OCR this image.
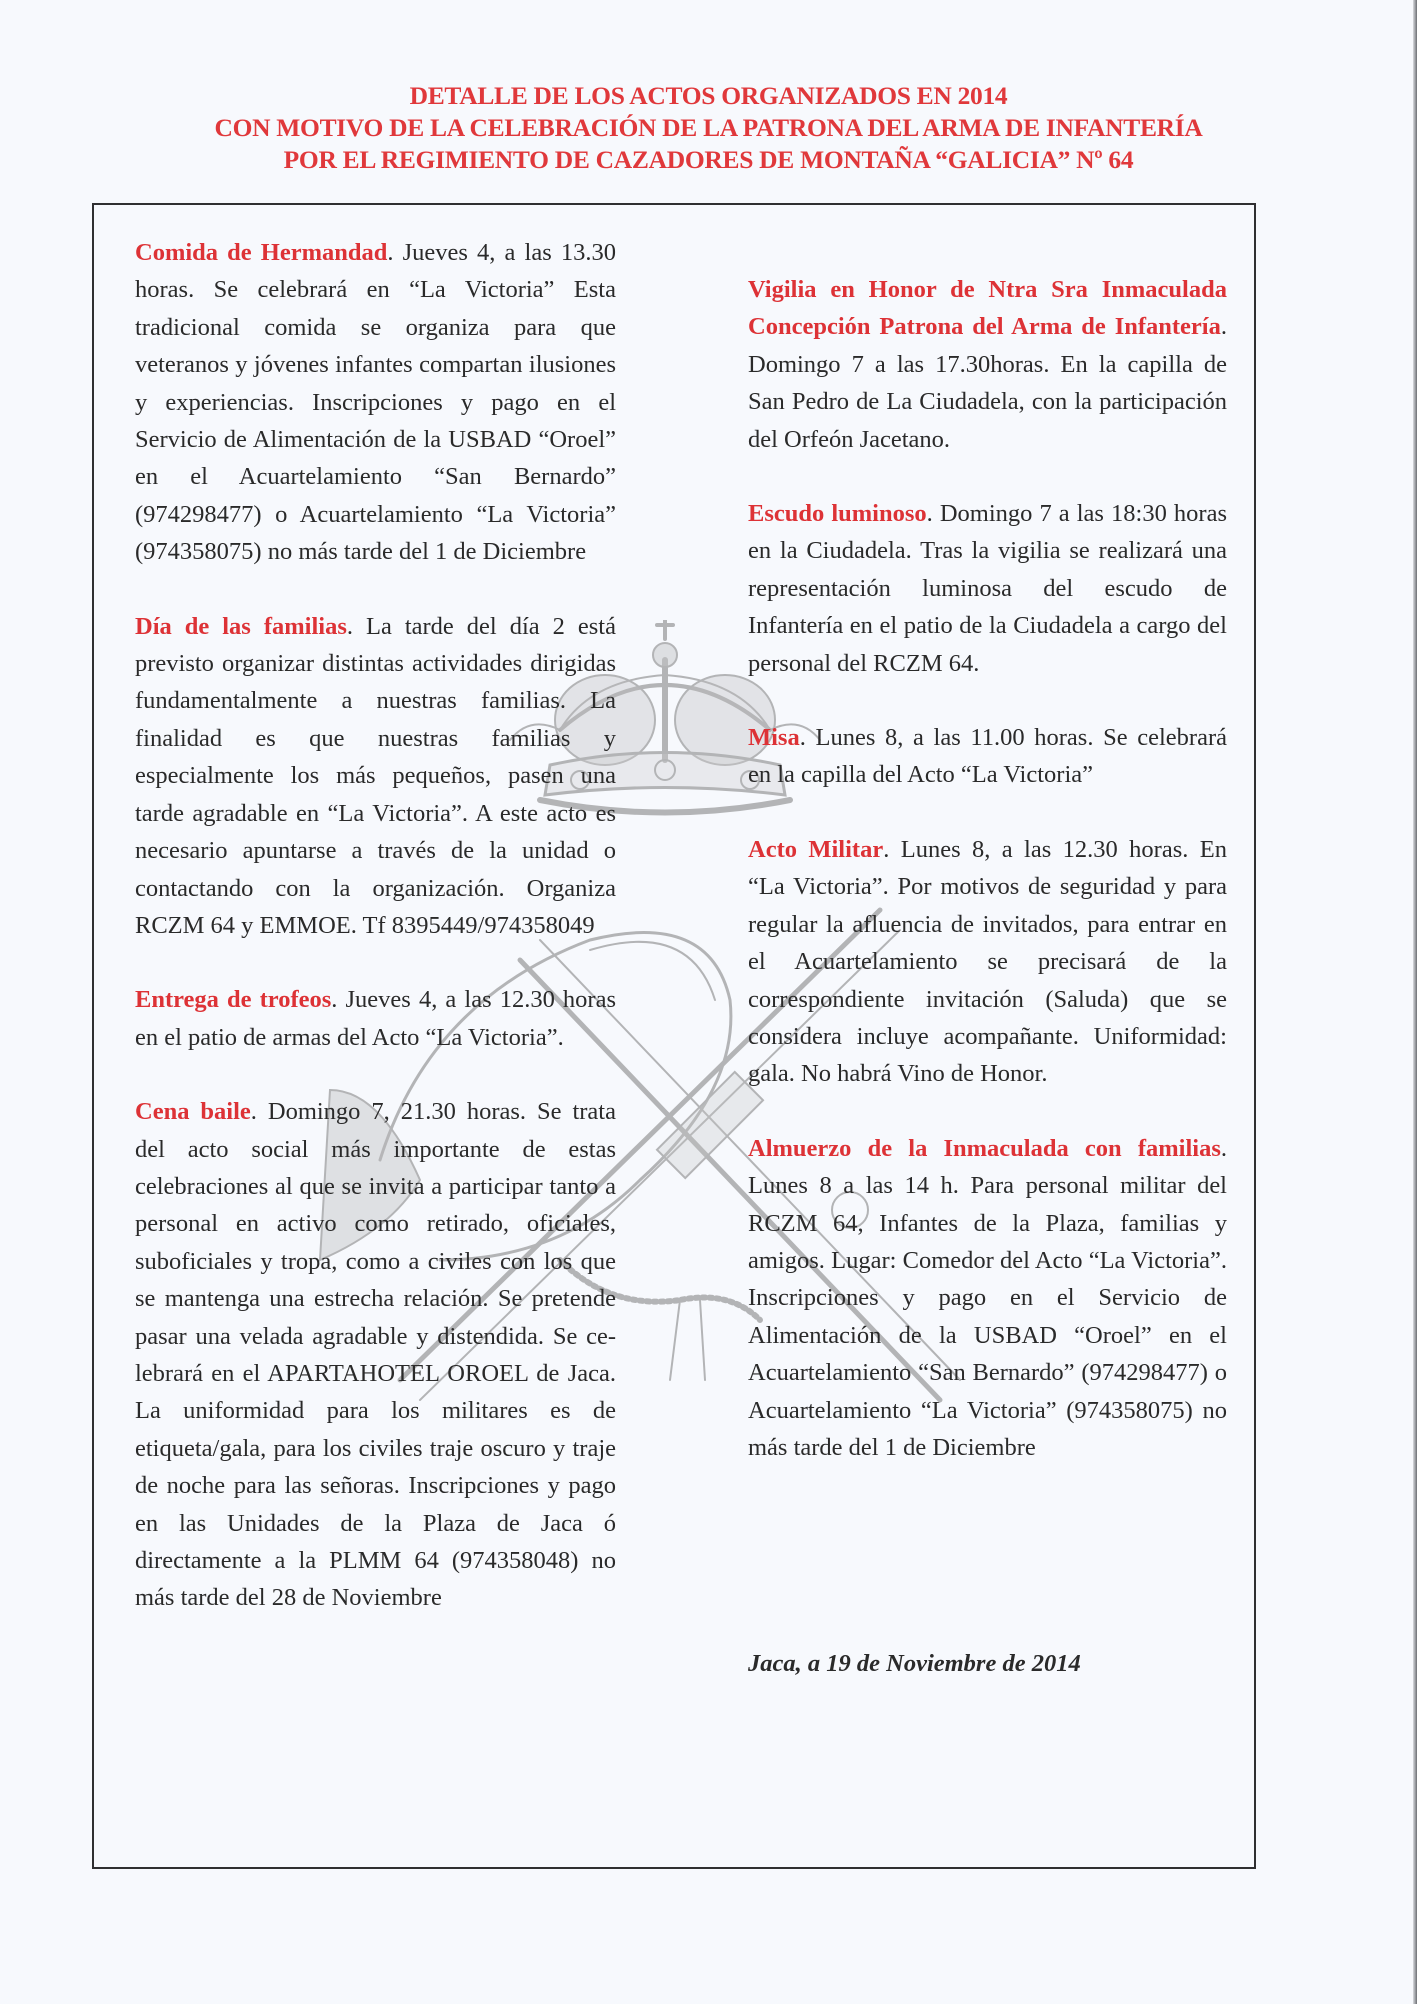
DETALLE DE LOS ACTOS ORGANIZADOS EN 2014
CON MOTIVO DE LA CELEBRACIÓN DE LA PATRONA DEL ARMA DE INFANTERÍA
POR EL REGIMIENTO DE CAZADORES DE MONTAÑA “GALICIA” Nº 64

Comida de Hermandad. Jueves 4, a las 13.30 horas. Se celebrará en “La Victoria” Esta tradicional comida se organiza para que veteranos y jóvenes infantes compartan ilusiones y experiencias. Inscripciones y pago en el Servicio de Alimentación de la USBAD “Oroel” en el Acuartelamiento “San Bernardo” (974298477) o Acuartelamiento “La Victoria” (974358075) no más tarde del 1 de Diciembre

Día de las familias. La tarde del día 2 está previsto organizar distintas actividades dirigidas fundamentalmente a nuestras familias. La finalidad es que nuestras familias y especialmente los más pequeños, pasen una tarde agradable en “La Victoria”. A este acto es necesario apuntarse a través de la unidad o contactando con la organización. Organiza RCZM 64 y EMMOE. Tf 8395449/974358049

Entrega de trofeos. Jueves 4, a las 12.30 horas en el patio de armas del Acto “La Victoria”.

Cena baile. Domingo 7, 21.30 horas. Se trata del acto social más importante de estas celebraciones al que se invita a participar tanto a personal en activo como retirado, oficiales, suboficiales y tropa, como a civiles con los que se mantenga una estrecha relación. Se pretende pasar una velada agradable y distendida. Se celebrará en el APARTAHOTEL OROEL de Jaca. La uniformidad para los militares es de etiqueta/gala, para los civiles traje oscuro y traje de noche para las señoras. Inscripciones y pago en las Unidades de la Plaza de Jaca ó directamente a la PLMM 64 (974358048) no más tarde del 28 de Noviembre

Vigilia en Honor de Ntra Sra Inmaculada Concepción Patrona del Arma de Infantería. Domingo 7 a las 17.30horas. En la capilla de San Pedro de La Ciudadela, con la participación del Orfeón Jacetano.

Escudo luminoso. Domingo 7 a las 18:30 horas en la Ciudadela. Tras la vigilia se realizará una representación luminosa del escudo de Infantería en el patio de la Ciudadela a cargo del personal del RCZM 64.

Misa. Lunes 8, a las 11.00 horas. Se celebrará en la capilla del Acto “La Victoria”

Acto Militar. Lunes 8, a las 12.30 horas. En “La Victoria”. Por motivos de seguridad y para regular la afluencia de invitados, para entrar en el Acuartelamiento se precisará de la correspondiente invitación (Saluda) que se considera incluye acompañante. Uniformidad: gala. No habrá Vino de Honor.

Almuerzo de la Inmaculada con familias. Lunes 8 a las 14 h. Para personal militar del RCZM 64, Infantes de la Plaza, familias y amigos. Lugar: Comedor del Acto “La Victoria”. Inscripciones y pago en el Servicio de Alimentación de la USBAD “Oroel” en el Acuartelamiento “San Bernardo” (974298477) o Acuartelamiento “La Victoria” (974358075) no más tarde del 1 de Diciembre

Jaca, a 19 de Noviembre de 2014
